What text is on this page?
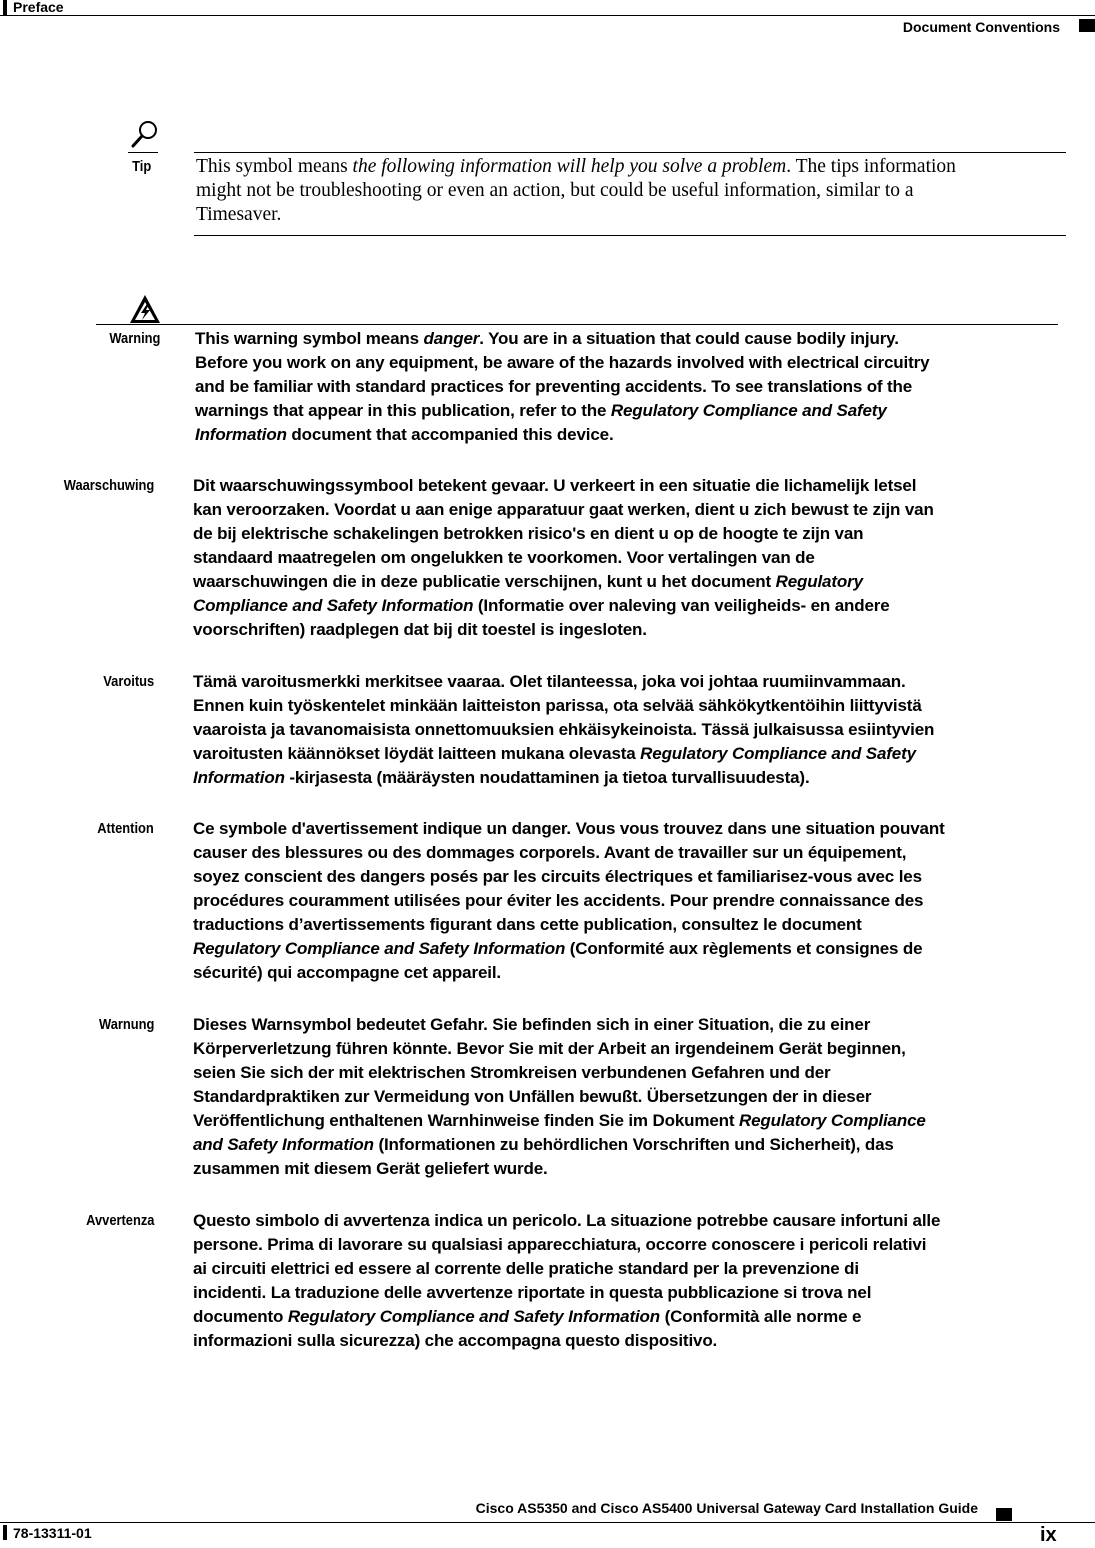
Preface
Document Conventions
Tip This symbol means the following information will help you solve a problem. The tips information
might not be troubleshooting or even an action, but could be useful information, similar to a
Timesaver.
Warning This warning symbol means danger. You are in a situation that could cause bodily injury.
Before you work on any equipment, be aware of the hazards involved with electrical circuitry
and be familiar with standard practices for preventing accidents. To see translations of the
warnings that appear in this publication, refer to the Regulatory Compliance and Safety
Information document that accompanied this device.
Waarschuwing Dit waarschuwingssymbool betekent gevaar. U verkeert in een situatie die lichamelijk letsel
kan veroorzaken. Voordat u aan enige apparatuur gaat werken, dient u zich bewust te zijn van
de bij elektrische schakelingen betrokken risico's en dient u op de hoogte te zijn van
standaard maatregelen om ongelukken te voorkomen. Voor vertalingen van de
waarschuwingen die in deze publicatie verschijnen, kunt u het document Regulatory
Compliance and Safety Information (Informatie over naleving van veiligheids- en andere
voorschriften) raadplegen dat bij dit toestel is ingesloten.
Varoitus Tämä varoitusmerkki merkitsee vaaraa. Olet tilanteessa, joka voi johtaa ruumiinvammaan.
Ennen kuin työskentelet minkään laitteiston parissa, ota selvää sähkökytkentöihin liittyvistä
vaaroista ja tavanomaisista onnettomuuksien ehkäisykeinoista. Tässä julkaisussa esiintyvien
varoitusten käännökset löydät laitteen mukana olevasta Regulatory Compliance and Safety
Information -kirjasesta (määräysten noudattaminen ja tietoa turvallisuudesta).
Attention Ce symbole d'avertissement indique un danger. Vous vous trouvez dans une situation pouvant
causer des blessures ou des dommages corporels. Avant de travailler sur un équipement,
soyez conscient des dangers posés par les circuits électriques et familiarisez-vous avec les
procédures couramment utilisées pour éviter les accidents. Pour prendre connaissance des
traductions d’avertissements figurant dans cette publication, consultez le document
Regulatory Compliance and Safety Information (Conformité aux règlements et consignes de
sécurité) qui accompagne cet appareil.
Warnung Dieses Warnsymbol bedeutet Gefahr. Sie befinden sich in einer Situation, die zu einer
Körperverletzung führen könnte. Bevor Sie mit der Arbeit an irgendeinem Gerät beginnen,
seien Sie sich der mit elektrischen Stromkreisen verbundenen Gefahren und der
Standardpraktiken zur Vermeidung von Unfällen bewußt. Übersetzungen der in dieser
Veröffentlichung enthaltenen Warnhinweise finden Sie im Dokument Regulatory Compliance
and Safety Information (Informationen zu behördlichen Vorschriften und Sicherheit), das
zusammen mit diesem Gerät geliefert wurde.
Avvertenza Questo simbolo di avvertenza indica un pericolo. La situazione potrebbe causare infortuni alle
persone. Prima di lavorare su qualsiasi apparecchiatura, occorre conoscere i pericoli relativi
ai circuiti elettrici ed essere al corrente delle pratiche standard per la prevenzione di
incidenti. La traduzione delle avvertenze riportate in questa pubblicazione si trova nel
documento Regulatory Compliance and Safety Information (Conformità alle norme e
informazioni sulla sicurezza) che accompagna questo dispositivo.
Cisco AS5350 and Cisco AS5400 Universal Gateway Card Installation Guide
78-13311-01	ix
